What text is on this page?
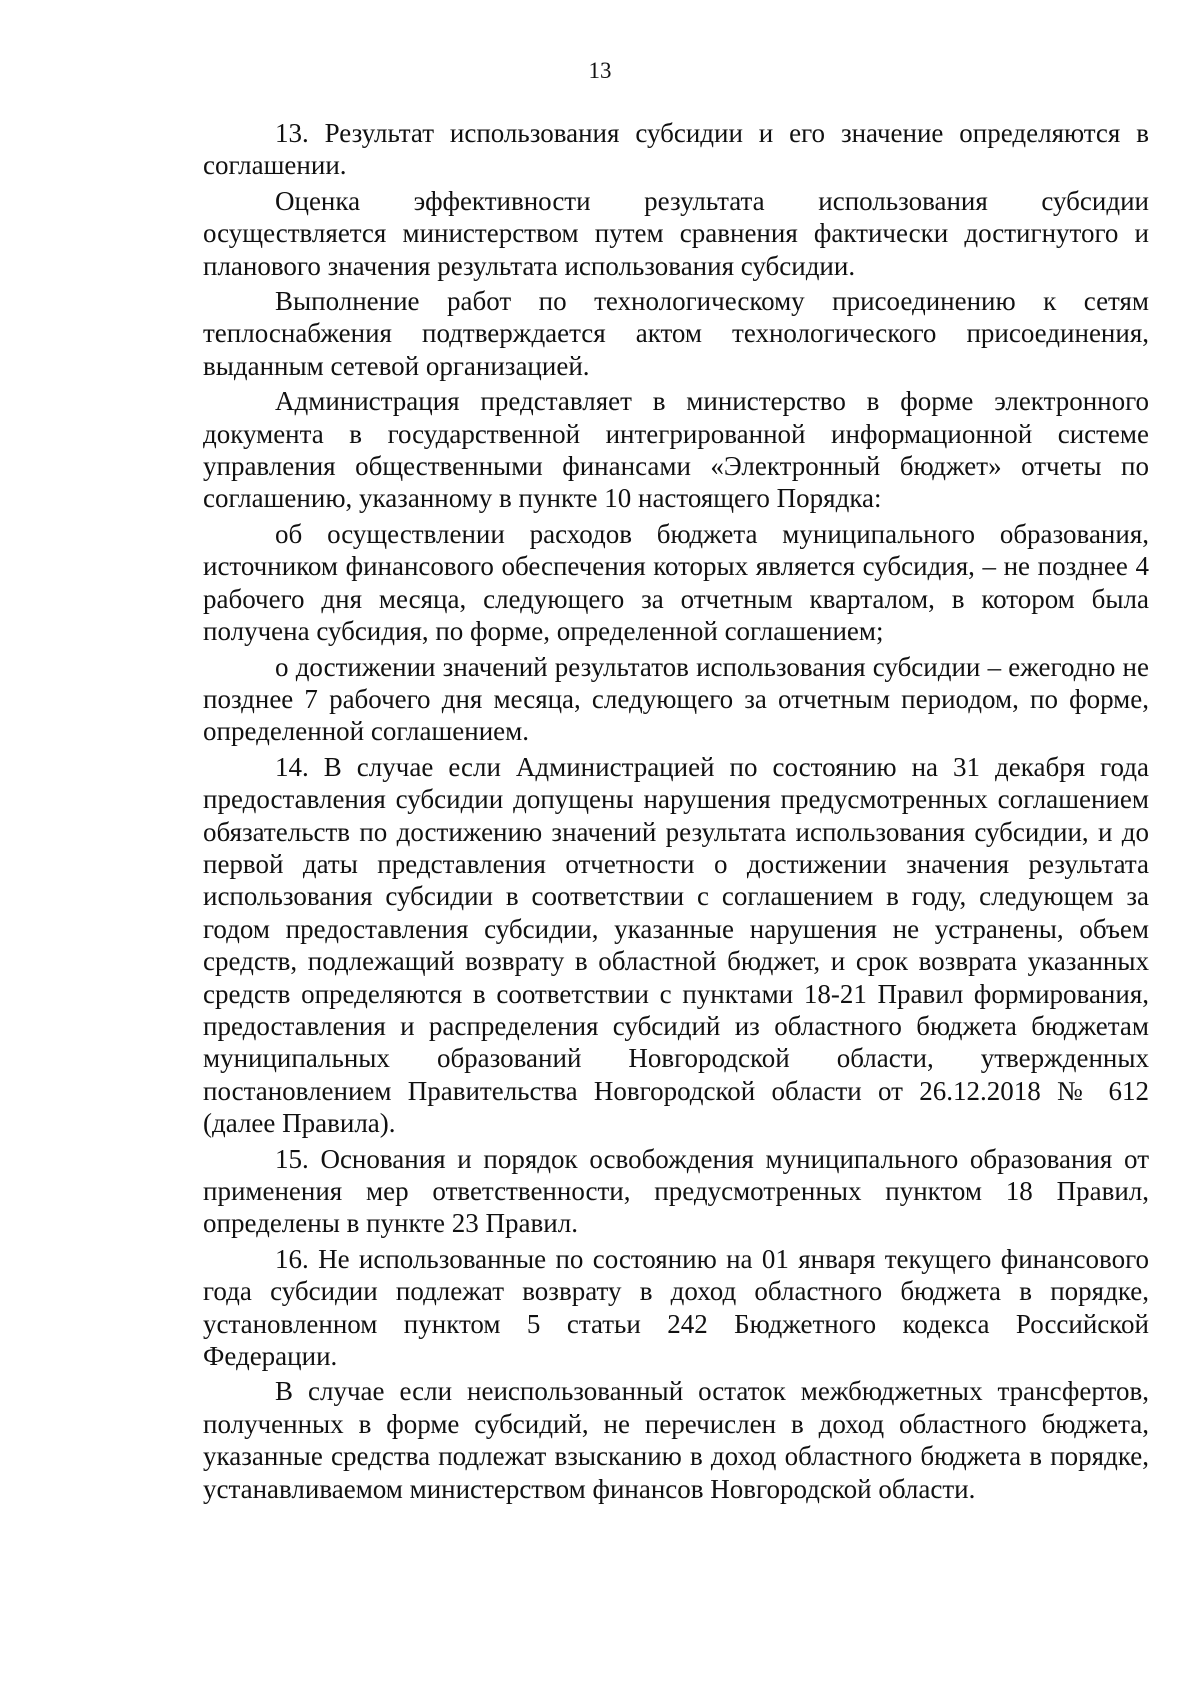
13

13. Результат использования субсидии и его значение определяются в соглашении.

Оценка эффективности результата использования субсидии осуществляется министерством путем сравнения фактически достигнутого и планового значения результата использования субсидии.

Выполнение работ по технологическому присоединению к сетям теплоснабжения подтверждается актом технологического присоединения, выданным сетевой организацией.

Администрация представляет в министерство в форме электронного документа в государственной интегрированной информационной системе управления общественными финансами «Электронный бюджет» отчеты по соглашению, указанному в пункте 10 настоящего Порядка:

об осуществлении расходов бюджета муниципального образования, источником финансового обеспечения которых является субсидия, – не позднее 4 рабочего дня месяца, следующего за отчетным кварталом, в котором была получена субсидия, по форме, определенной соглашением;

о достижении значений результатов использования субсидии – ежегодно не позднее 7 рабочего дня месяца, следующего за отчетным периодом, по форме, определенной соглашением.

14. В случае если Администрацией по состоянию на 31 декабря года предоставления субсидии допущены нарушения предусмотренных соглашением обязательств по достижению значений результата использования субсидии, и до первой даты представления отчетности о достижении значения результата использования субсидии в соответствии с соглашением в году, следующем за годом предоставления субсидии, указанные нарушения не устранены, объем средств, подлежащий возврату в областной бюджет, и срок возврата указанных средств определяются в соответствии с пунктами 18-21 Правил формирования, предоставления и распределения субсидий из областного бюджета бюджетам муниципальных образований Новгородской области, утвержденных постановлением Правительства Новгородской области от 26.12.2018 № 612 (далее Правила).

15. Основания и порядок освобождения муниципального образования от применения мер ответственности, предусмотренных пунктом 18 Правил, определены в пункте 23 Правил.

16. Не использованные по состоянию на 01 января текущего финансового года субсидии подлежат возврату в доход областного бюджета в порядке, установленном пунктом 5 статьи 242 Бюджетного кодекса Российской Федерации.

В случае если неиспользованный остаток межбюджетных трансфертов, полученных в форме субсидий, не перечислен в доход областного бюджета, указанные средства подлежат взысканию в доход областного бюджета в порядке, устанавливаемом министерством финансов Новгородской области.
